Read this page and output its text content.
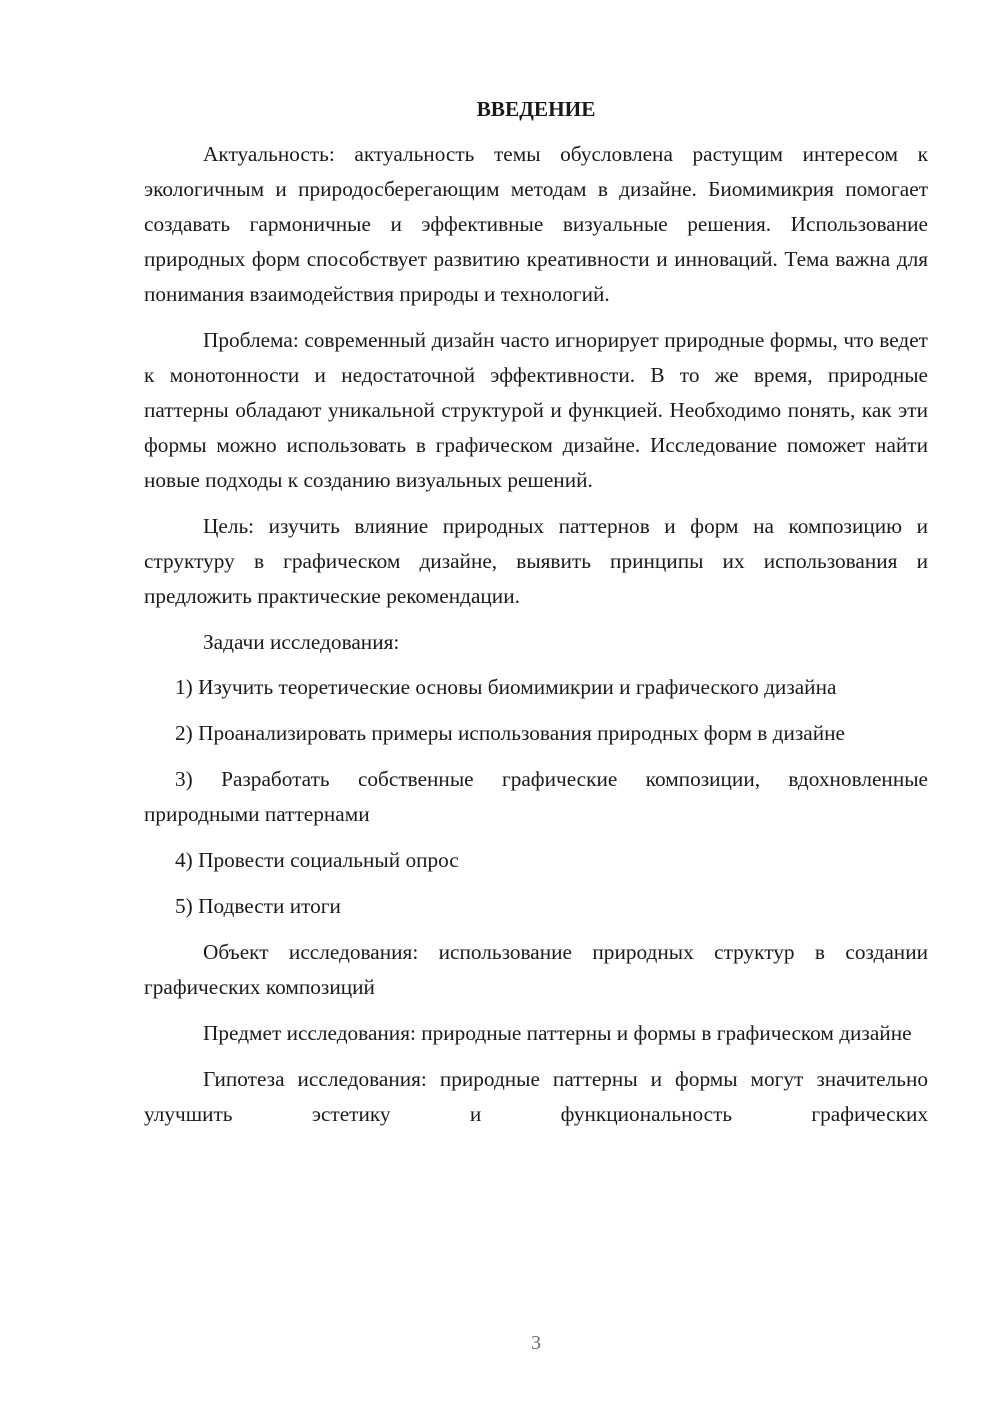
ВВЕДЕНИЕ

Актуальность: актуальность темы обусловлена растущим интересом к экологичным и природосберегающим методам в дизайне. Биомимикрия помогает создавать гармоничные и эффективные визуальные решения. Использование природных форм способствует развитию креативности и инноваций. Тема важна для понимания взаимодействия природы и технологий.

Проблема: современный дизайн часто игнорирует природные формы, что ведет к монотонности и недостаточной эффективности. В то же время, природные паттерны обладают уникальной структурой и функцией. Необходимо понять, как эти формы можно использовать в графическом дизайне. Исследование поможет найти новые подходы к созданию визуальных решений.

Цель: изучить влияние природных паттернов и форм на композицию и структуру в графическом дизайне, выявить принципы их использования и предложить практические рекомендации.

Задачи исследования:

1) Изучить теоретические основы биомимикрии и графического дизайна

2) Проанализировать примеры использования природных форм в дизайне

3) Разработать собственные графические композиции, вдохновленные природными паттернами

4) Провести социальный опрос

5) Подвести итоги

Объект исследования: использование природных структур в создании графических композиций

Предмет исследования: природные паттерны и формы в графическом дизайне

Гипотеза исследования: природные паттерны и формы могут значительно улучшить эстетику и функциональность графических

3
